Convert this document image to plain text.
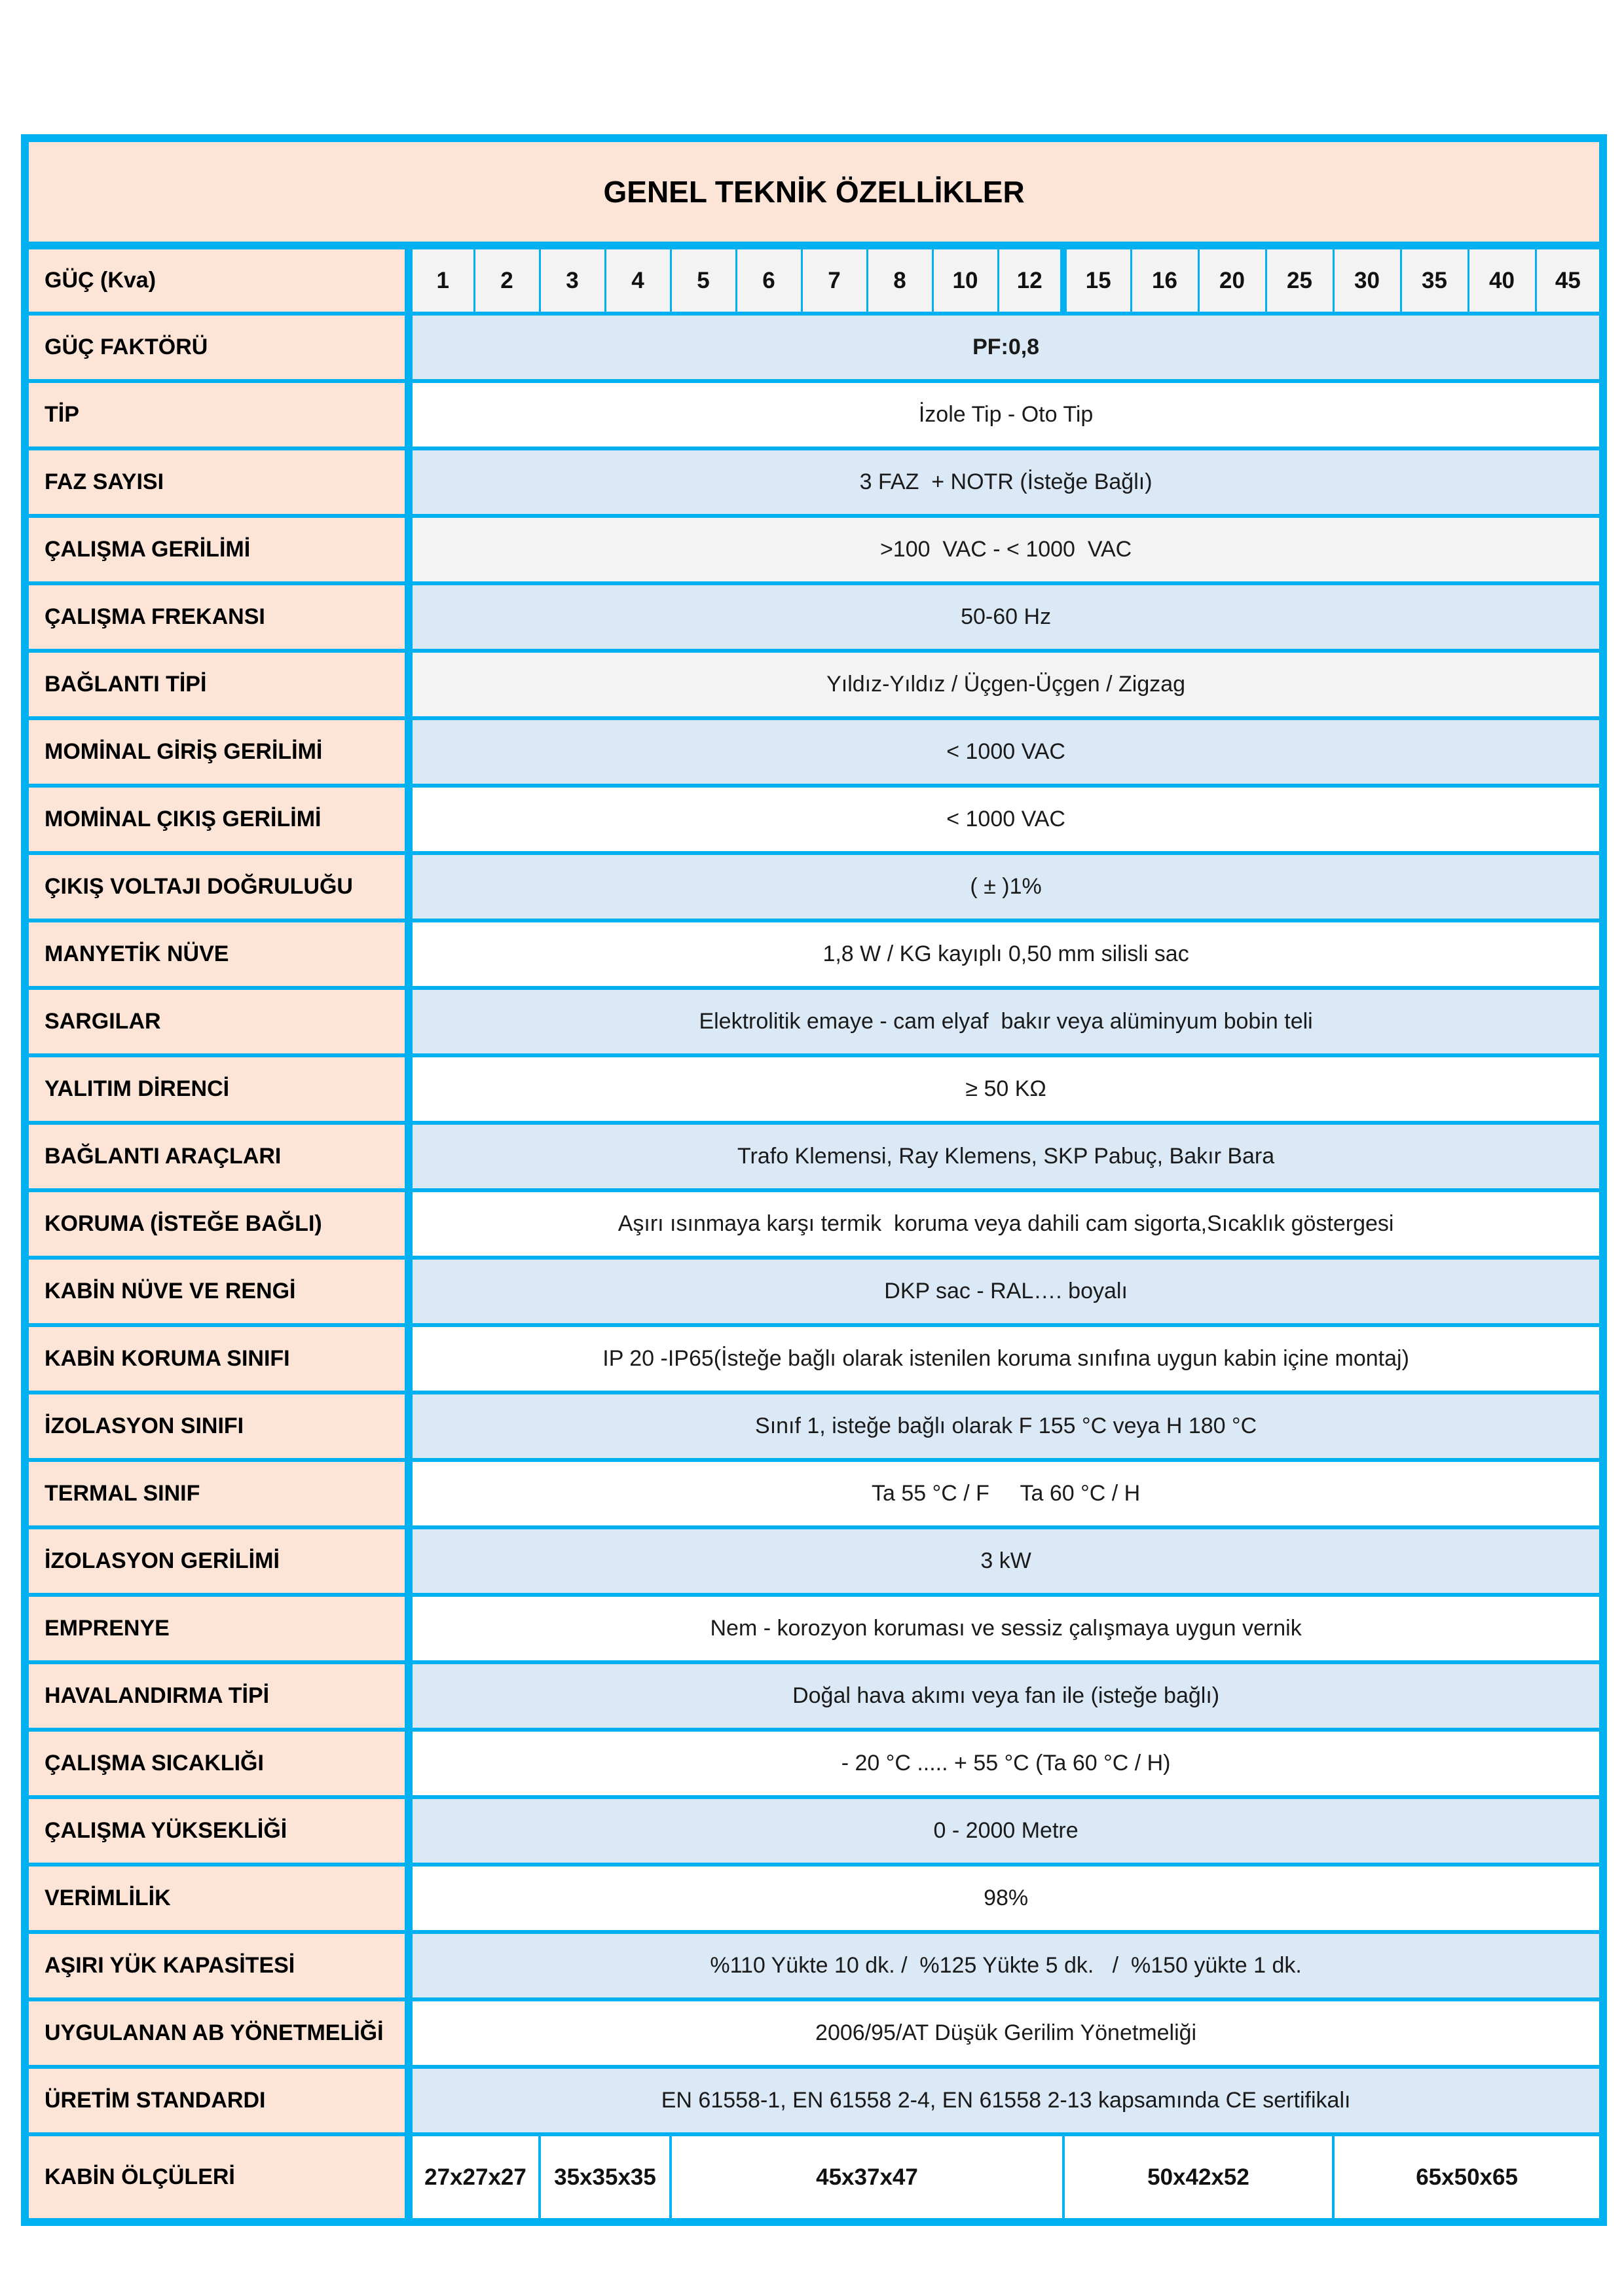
GENEL TEKNİK ÖZELLİKLER																		
GÜÇ (Kva)	1	2	3	4	5	6	7	8	10	12	15	16	20	25	30	35	40	45
GÜÇ FAKTÖRÜ	PF:0,8																	
TİP	İzole Tip - Oto Tip																	
FAZ SAYISI	3 FAZ  + NOTR (İsteğe Bağlı)																	
ÇALIŞMA GERİLİMİ	>100  VAC - < 1000  VAC																	
ÇALIŞMA FREKANSI	50-60 Hz																	
BAĞLANTI TİPİ	Yıldız-Yıldız / Üçgen-Üçgen / Zigzag																	
MOMİNAL GİRİŞ GERİLİMİ	< 1000 VAC																	
MOMİNAL ÇIKIŞ GERİLİMİ	< 1000 VAC																	
ÇIKIŞ VOLTAJI DOĞRULUĞU	( ± )1%																	
MANYETİK NÜVE	1,8 W / KG kayıplı 0,50 mm silisli sac																	
SARGILAR	Elektrolitik emaye - cam elyaf  bakır veya alüminyum bobin teli																	
YALITIM DİRENCİ	≥ 50 KΩ																	
BAĞLANTI ARAÇLARI	Trafo Klemensi, Ray Klemens, SKP Pabuç, Bakır Bara																	
KORUMA (İSTEĞE BAĞLI)	Aşırı ısınmaya karşı termik  koruma veya dahili cam sigorta,Sıcaklık göstergesi																	
KABİN NÜVE VE RENGİ	DKP sac - RAL…. boyalı																	
KABİN KORUMA SINIFI	IP 20 -IP65(İsteğe bağlı olarak istenilen koruma sınıfına uygun kabin içine montaj)																	
İZOLASYON SINIFI	Sınıf 1, isteğe bağlı olarak F 155 °C veya H 180 °C																	
TERMAL SINIF	Ta 55 °C / F     Ta 60 °C / H																	
İZOLASYON GERİLİMİ	3 kW																	
EMPRENYE	Nem - korozyon koruması ve sessiz çalışmaya uygun vernik																	
HAVALANDIRMA TİPİ	Doğal hava akımı veya fan ile (isteğe bağlı)																	
ÇALIŞMA SICAKLIĞI	- 20 °C ..... + 55 °C (Ta 60 °C / H)																	
ÇALIŞMA YÜKSEKLİĞİ	0 - 2000 Metre																	
VERİMLİLİK	98%																	
AŞIRI YÜK KAPASİTESİ	%110 Yükte 10 dk. /  %125 Yükte 5 dk.   /  %150 yükte 1 dk.																	
UYGULANAN AB YÖNETMELİĞİ	2006/95/AT Düşük Gerilim Yönetmeliği																	
ÜRETİM STANDARDI	EN 61558-1, EN 61558 2-4, EN 61558 2-13 kapsamında CE sertifikalı																	
KABİN ÖLÇÜLERİ	27x27x27		35x35x35		45x37x47						50x42x52				65x50x65			
